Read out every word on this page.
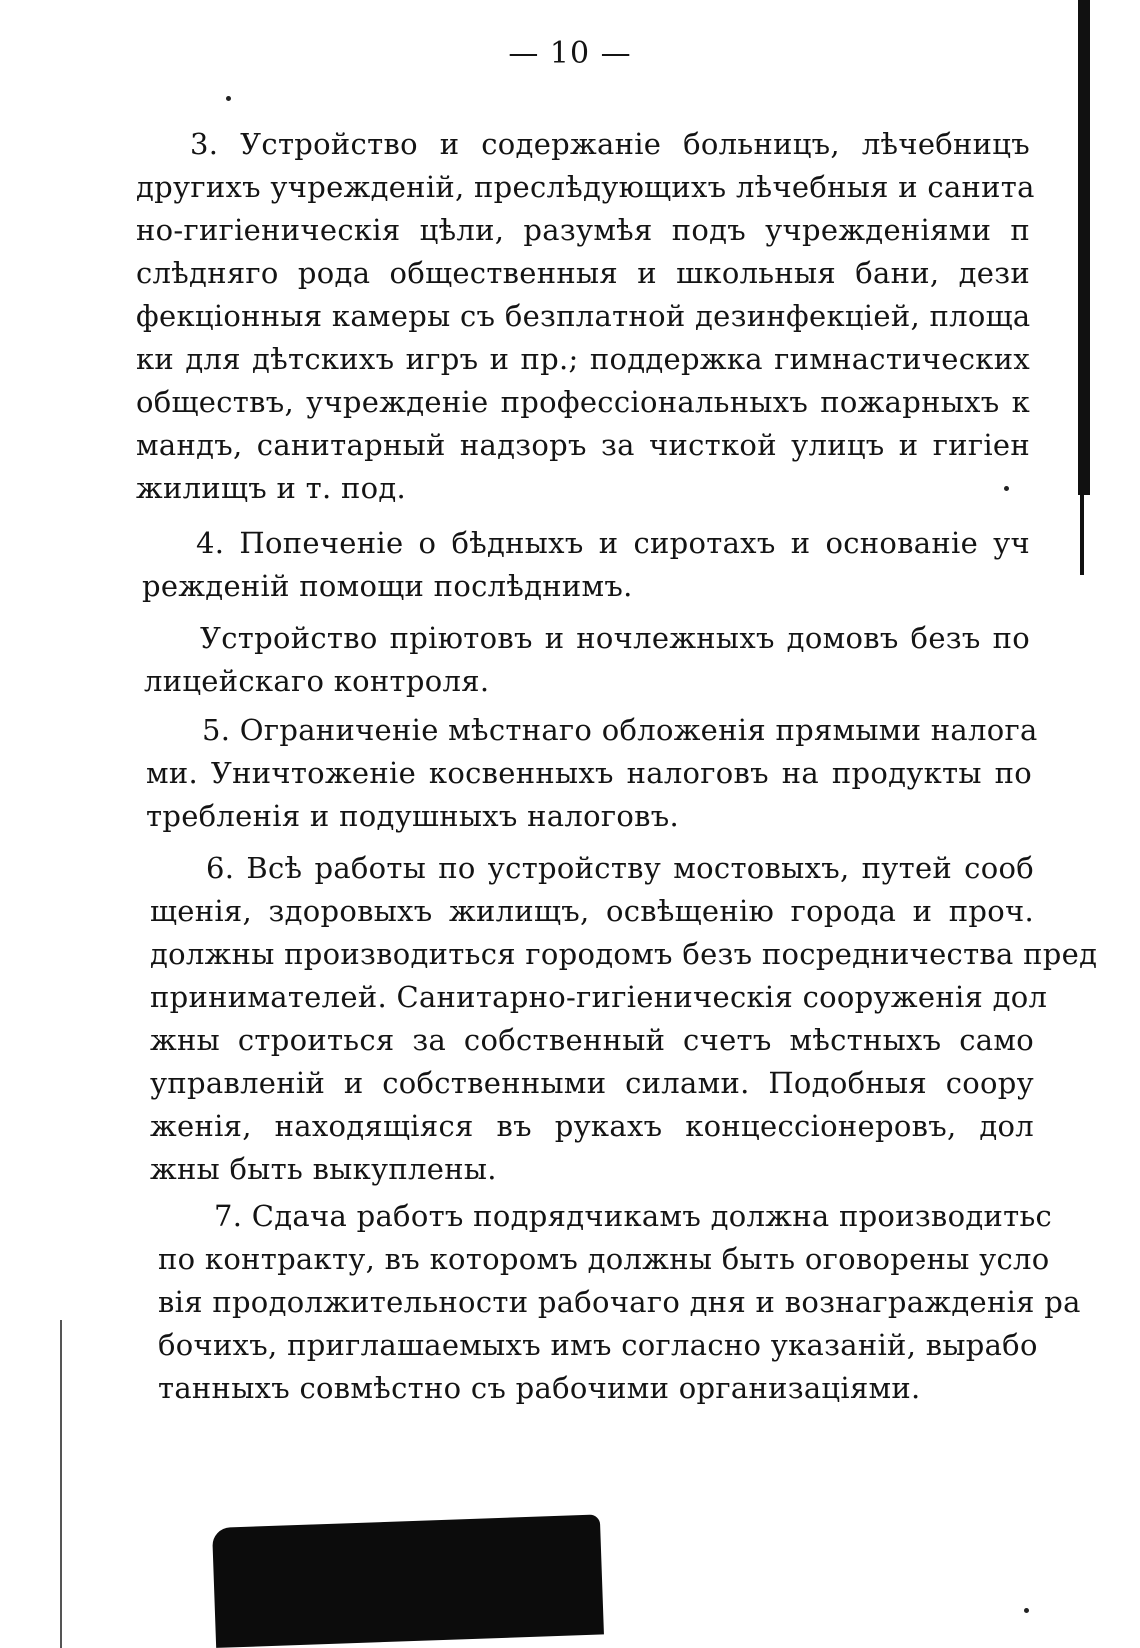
— 10 —
3. Устройство и содержаніе больницъ, лѣчебницъ
другихъ учрежденій, преслѣдующихъ лѣчебныя и санита
но-гигіеническія цѣли, разумѣя подъ учрежденіями п
слѣдняго рода общественныя и школьныя бани, дези
фекціонныя камеры съ безплатной дезинфекціей, площа
ки для дѣтскихъ игръ и пр.; поддержка гимнастических
обществъ, учрежденіе профессіональныхъ пожарныхъ к
мандъ, санитарный надзоръ за чисткой улицъ и гигіен
жилищъ и т. под.
4. Попеченіе о бѣдныхъ и сиротахъ и основаніе уч
режденій помощи послѣднимъ.
Устройство пріютовъ и ночлежныхъ домовъ безъ по
лицейскаго контроля.
5. Ограниченіе мѣстнаго обложенія прямыми налога
ми. Уничтоженіе косвенныхъ налоговъ на продукты по
требленія и подушныхъ налоговъ.
6. Всѣ работы по устройству мостовыхъ, путей сооб
щенія, здоровыхъ жилищъ, освѣщенію города и проч.
должны производиться городомъ безъ посредничества пред
принимателей. Санитарно-гигіеническія сооруженія дол
жны строиться за собственный счетъ мѣстныхъ само
управленій и собственными силами. Подобныя соору
женія, находящіяся въ рукахъ концессіонеровъ, дол
жны быть выкуплены.
7. Сдача работъ подрядчикамъ должна производитьс
по контракту, въ которомъ должны быть оговорены усло
вія продолжительности рабочаго дня и вознагражденія ра
бочихъ, приглашаемыхъ имъ согласно указаній, вырабо
танныхъ совмѣстно съ рабочими организаціями.
